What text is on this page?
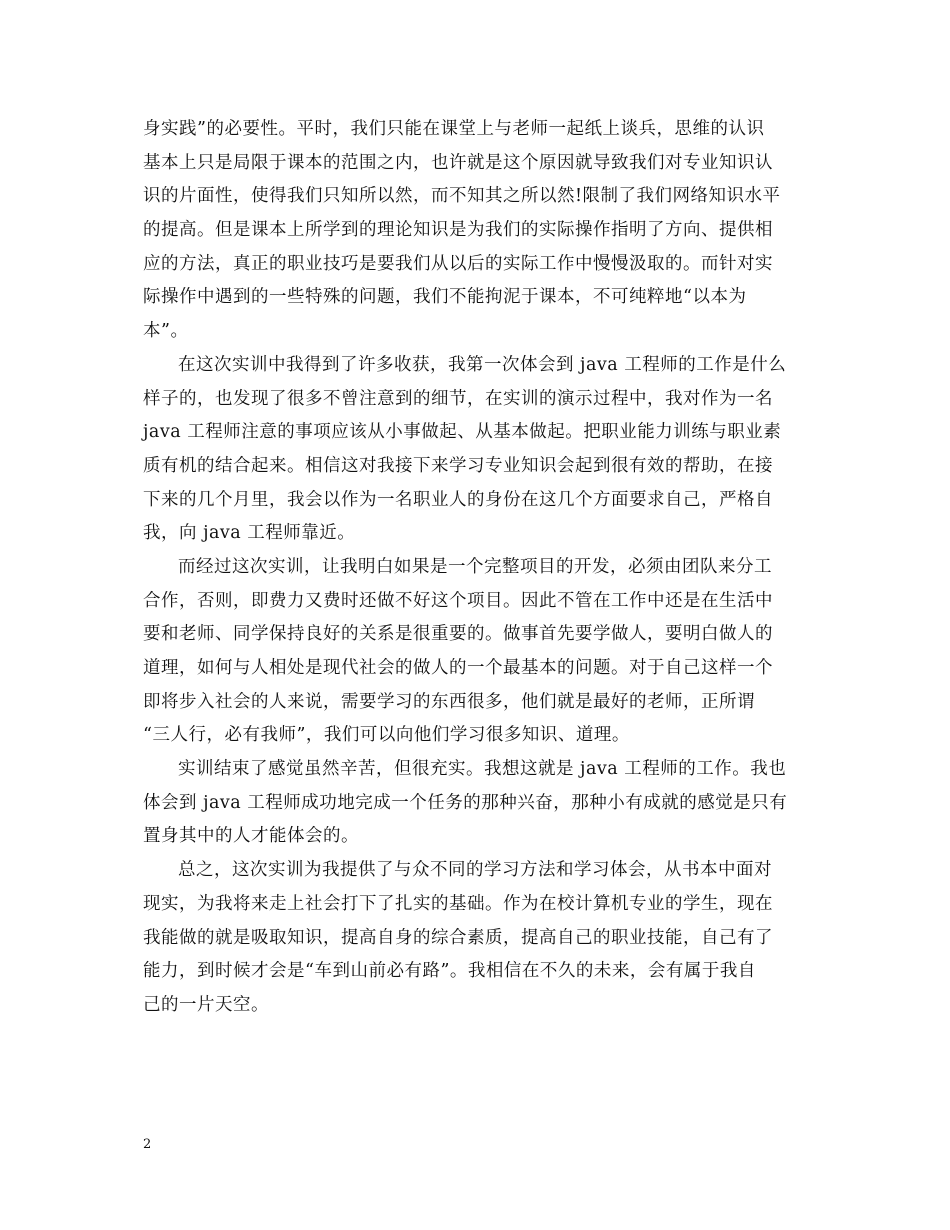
身实践”的必要性。平时，我们只能在课堂上与老师一起纸上谈兵，思维的认识
基本上只是局限于课本的范围之内，也许就是这个原因就导致我们对专业知识认
识的片面性，使得我们只知所以然，而不知其之所以然!限制了我们网络知识水平
的提高。但是课本上所学到的理论知识是为我们的实际操作指明了方向、提供相
应的方法，真正的职业技巧是要我们从以后的实际工作中慢慢汲取的。而针对实
际操作中遇到的一些特殊的问题，我们不能拘泥于课本，不可纯粹地“以本为
本”。
在这次实训中我得到了许多收获，我第一次体会到 java 工程师的工作是什么
样子的，也发现了很多不曾注意到的细节，在实训的演示过程中，我对作为一名
java 工程师注意的事项应该从小事做起、从基本做起。把职业能力训练与职业素
质有机的结合起来。相信这对我接下来学习专业知识会起到很有效的帮助，在接
下来的几个月里，我会以作为一名职业人的身份在这几个方面要求自己，严格自
我，向 java 工程师靠近。
而经过这次实训，让我明白如果是一个完整项目的开发，必须由团队来分工
合作，否则，即费力又费时还做不好这个项目。因此不管在工作中还是在生活中
要和老师、同学保持良好的关系是很重要的。做事首先要学做人，要明白做人的
道理，如何与人相处是现代社会的做人的一个最基本的问题。对于自己这样一个
即将步入社会的人来说，需要学习的东西很多，他们就是最好的老师，正所谓
“三人行，必有我师”，我们可以向他们学习很多知识、道理。
实训结束了感觉虽然辛苦，但很充实。我想这就是 java 工程师的工作。我也
体会到 java 工程师成功地完成一个任务的那种兴奋，那种小有成就的感觉是只有
置身其中的人才能体会的。
总之，这次实训为我提供了与众不同的学习方法和学习体会，从书本中面对
现实，为我将来走上社会打下了扎实的基础。作为在校计算机专业的学生，现在
我能做的就是吸取知识，提高自身的综合素质，提高自己的职业技能，自己有了
能力，到时候才会是“车到山前必有路”。我相信在不久的未来，会有属于我自
己的一片天空。
2
